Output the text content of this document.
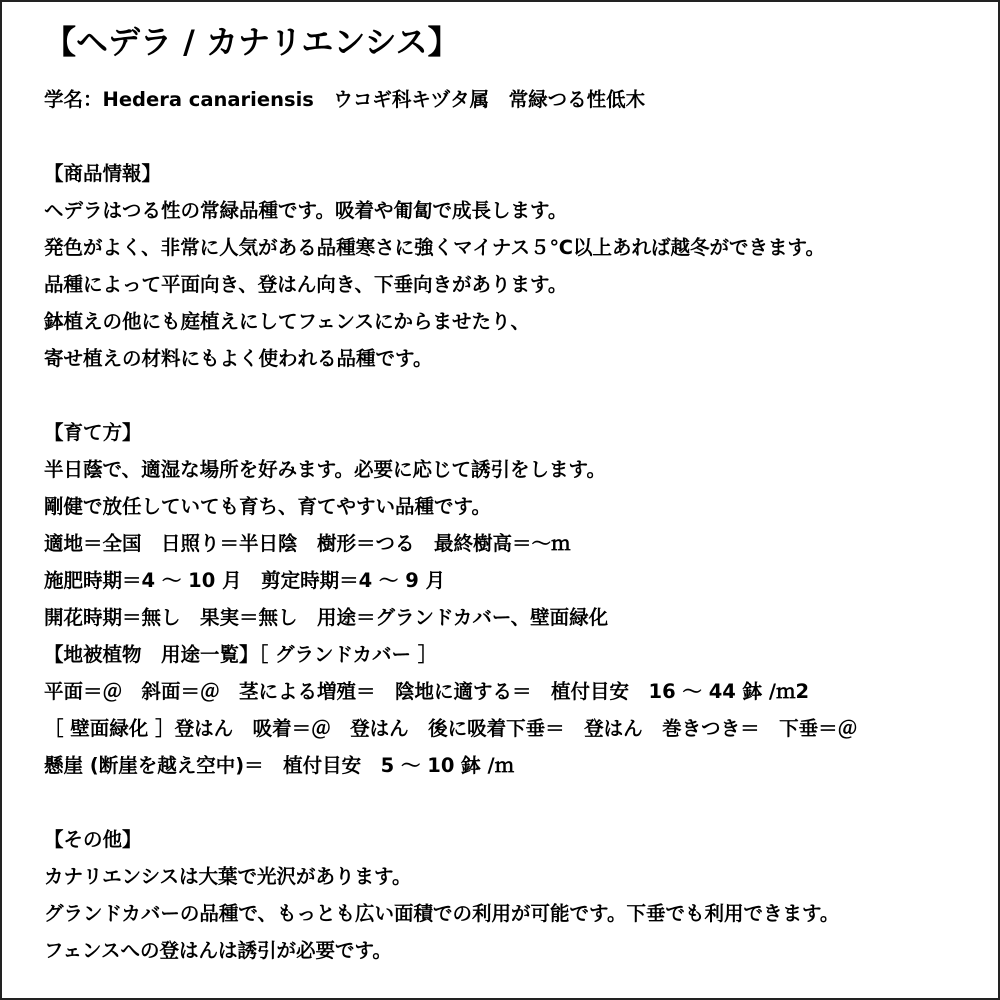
【ヘデラ / カナリエンシス】
学名：Hedera canariensis　ウコギ科キヅタ属　常緑つる性低木
【商品情報】
ヘデラはつる性の常緑品種です。吸着や匍匐で成長します。
発色がよく、非常に人気がある品種寒さに強くマイナス５℃以上あれば越冬ができます。
品種によって平面向き、登はん向き、下垂向きがあります。
鉢植えの他にも庭植えにしてフェンスにからませたり、
寄せ植えの材料にもよく使われる品種です。
【育て方】
半日蔭で、適湿な場所を好みます。必要に応じて誘引をします。
剛健で放任していても育ち、育てやすい品種です。
適地＝全国　日照り＝半日陰　樹形＝つる　最終樹高＝～ｍ
施肥時期＝4 ～ 10 月　剪定時期＝4 ～ 9 月
開花時期＝無し　果実＝無し　用途＝グランドカバー、壁面緑化
【地被植物　用途一覧】［ グランドカバー ］
平面＝＠　斜面＝＠　茎による増殖＝　陰地に適する＝　植付目安　16 ～ 44 鉢 /ｍ2
［ 壁面緑化 ］登はん　吸着＝＠　登はん　後に吸着下垂＝　登はん　巻きつき＝　下垂＝＠
懸崖 (断崖を越え空中)＝　植付目安　5 ～ 10 鉢 /ｍ
【その他】
カナリエンシスは大葉で光沢があります。
グランドカバーの品種で、もっとも広い面積での利用が可能です。下垂でも利用できます。
フェンスへの登はんは誘引が必要です。
